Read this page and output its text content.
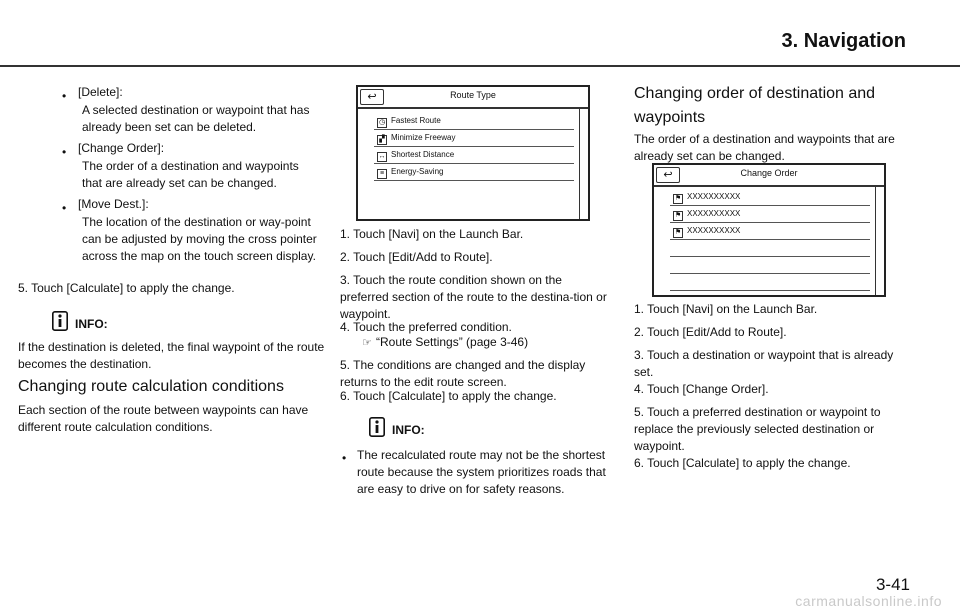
3. Navigation
• [Delete]:
A selected destination or waypoint that has already been set can be deleted.
• [Change Order]:
The order of a destination and waypoints that are already set can be changed.
• [Move Dest.]:
The location of the destination or way-point can be adjusted by moving the cross pointer across the map on the touch screen display.
5. Touch [Calculate] to apply the change.
INFO:
If the destination is deleted, the final waypoint of the route becomes the destination.
Changing route calculation conditions
Each section of the route between waypoints can have different route calculation conditions.
↩	Route Type
◷ Fastest Route
▞ Minimize Freeway
↔ Shortest Distance
≡ Energy-Saving
1. Touch [Navi] on the Launch Bar.
2. Touch [Edit/Add to Route].
3. Touch the route condition shown on the preferred section of the route to the destina-tion or waypoint.
4. Touch the preferred condition.
☞ “Route Settings” (page 3-46)
5. The conditions are changed and the display returns to the edit route screen.
6. Touch [Calculate] to apply the change.
INFO:
• The recalculated route may not be the shortest route because the system prioritizes roads that are easy to drive on for safety reasons.
Changing order of destination and waypoints
The order of a destination and waypoints that are already set can be changed.
↩	Change Order
⚑ XXXXXXXXXX
⚑ XXXXXXXXXX
⚑ XXXXXXXXXX
1. Touch [Navi] on the Launch Bar.
2. Touch [Edit/Add to Route].
3. Touch a destination or waypoint that is already set.
4. Touch [Change Order].
5. Touch a preferred destination or waypoint to replace the previously selected destination or waypoint.
6. Touch [Calculate] to apply the change.
3-41
carmanualsonline.info
